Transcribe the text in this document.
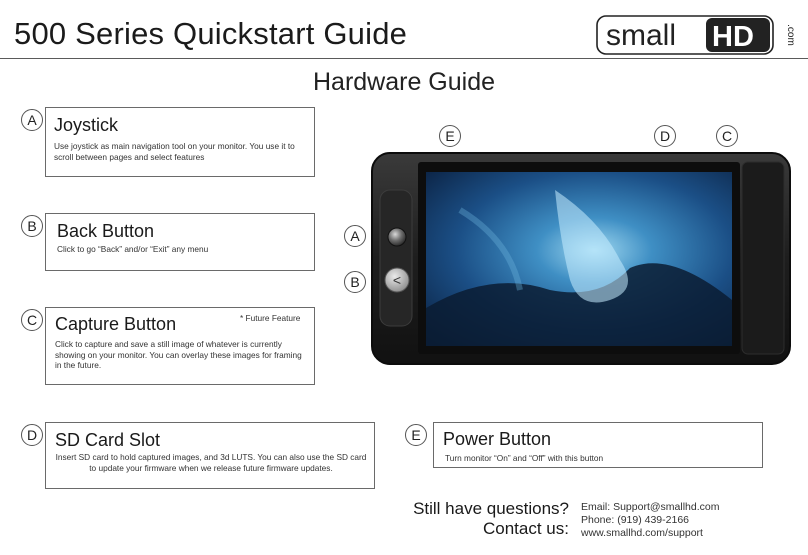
500 Series Quickstart Guide	small HD	.com
Hardware Guide
A Joystick
Use joystick as main navigation tool on your monitor. You use it to scroll between pages and select features
B	Back Button
Click to go “Back” and/or “Exit” any menu
C Capture Button	* Future Feature
Click to capture and save a still image of whatever is currently showing on your monitor. You can overlay these images for framing in the future.
D SD Card Slot
Insert SD card to hold captured images, and 3d LUTS. You can also use the SD card to update your firmware when we release future firmware updates.
E	Power Button
Turn monitor “On” and “Off” with this button
E	D	C
A
B	<
Still have questions?
Contact us:
Email: Support@smallhd.com
Phone: (919) 439-2166
www.smallhd.com/support
